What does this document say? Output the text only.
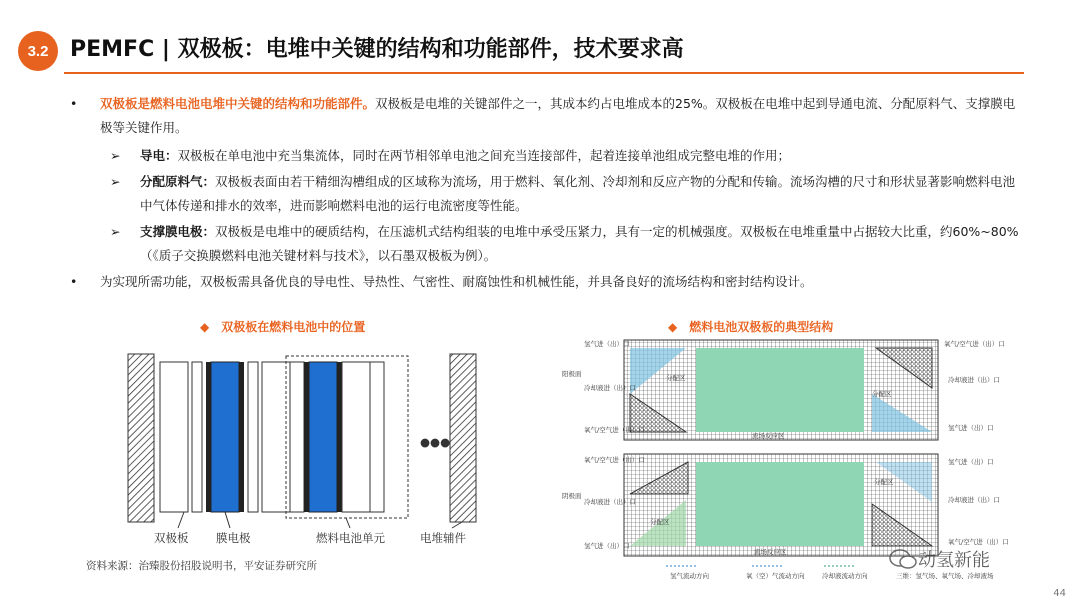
3.2 PEMFC | 双极板：电堆中关键的结构和功能部件，技术要求高
•	双极板是燃料电池电堆中关键的结构和功能部件。双极板是电堆的关键部件之一，其成本约占电堆成本的25%。双极板在电堆中起到导通电流、分配原料气、支撑膜电极等关键作用。
➢	导电：双极板在单电池中充当集流体，同时在两节相邻单电池之间充当连接部件，起着连接单池组成完整电堆的作用；
➢	分配原料气：双极板表面由若干精细沟槽组成的区域称为流场，用于燃料、氧化剂、冷却剂和反应产物的分配和传输。流场沟槽的尺寸和形状显著影响燃料电池中气体传递和排水的效率，进而影响燃料电池的运行电流密度等性能。
➢	支撑膜电极：双极板是电堆中的硬质结构，在压滤机式结构组装的电堆中承受压紧力，具有一定的机械强度。双极板在电堆重量中占据较大比重，约60%~80%（《质子交换膜燃料电池关键材料与技术》，以石墨双极板为例）。
•	为实现所需功能，双极板需具备优良的导电性、导热性、气密性、耐腐蚀性和机械性能，并具备良好的流场结构和密封结构设计。
◆ 双极板在燃料电池中的位置	◆ 燃料电池双极板的典型结构
●●●
双极板 膜电极	燃料电池单元	电堆辅件
分配区
分配区
流场反应区
分配区
分配区
流场反应区
阳极面
阴极面
氢气进（出）口
冷却液进（出）口
氧气/空气进（出）口
氧气/空气进（出）口
冷却液进（出）口
氢气进（出）口
氧气/空气进（出）口
冷却液进（出）口
氢气进（出）口
氢气进（出）口
冷却液进（出）口
氧气/空气进（出）口
氢气流动方向	氧（空）气流动方向	冷却液流动方向	三维：氢气场、氧气场、冷却液场
资料来源：治臻股份招股说明书，平安证券研究所	动氢新能
44
